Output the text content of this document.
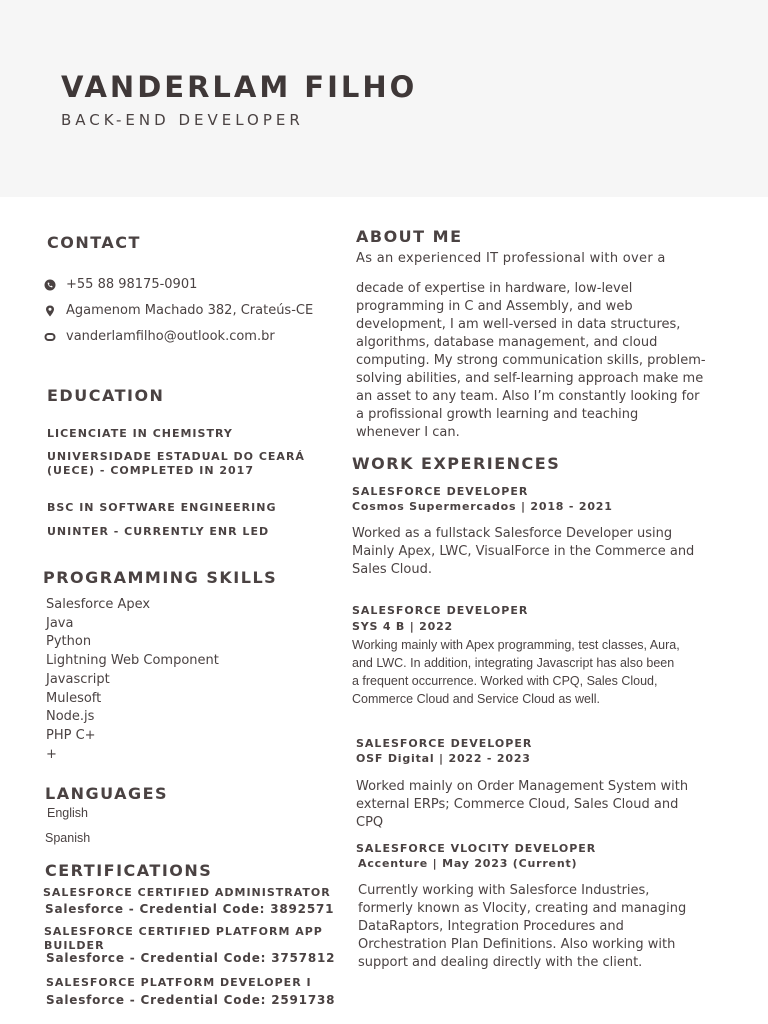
VANDERLAM FILHO

BACK-END DEVELOPER

CONTACT
+55 88 98175-0901
Agamenom Machado 382, Crateús-CE
vanderlamfilho@outlook.com.br
EDUCATION
LICENCIATE IN CHEMISTRY
UNIVERSIDADE ESTADUAL DO CEARÁ
(UECE) - COMPLETED IN 2017
BSC IN SOFTWARE ENGINEERING
UNINTER - CURRENTLY ENR LED
PROGRAMMING SKILLS
Salesforce Apex
Java
Python
Lightning Web Component
Javascript
Mulesoft
Node.js
PHP C+
+
LANGUAGES
English
Spanish
CERTIFICATIONS
SALESFORCE CERTIFIED ADMINISTRATOR
Salesforce - Credential Code: 3892571
SALESFORCE CERTIFIED PLATFORM APP
BUILDER
Salesforce - Credential Code: 3757812
SALESFORCE PLATFORM DEVELOPER I
Salesforce - Credential Code: 2591738
ABOUT ME
As an experienced IT professional with over a

decade of expertise in hardware, low-level programming in C and Assembly, and web development, I am well-versed in data structures, algorithms, database management, and cloud computing. My strong communication skills, problem-solving abilities, and self-learning approach make me an asset to any team. Also I’m constantly looking for a profissional growth learning and teaching whenever I can.

WORK EXPERIENCES
SALESFORCE DEVELOPER
Cosmos Supermercados | 2018 - 2021

Worked as a fullstack Salesforce Developer using Mainly Apex, LWC, VisualForce in the Commerce and Sales Cloud.

SALESFORCE DEVELOPER
SYS 4 B | 2022

Working mainly with Apex programming, test classes, Aura, and LWC. In addition, integrating Javascript has also been a frequent occurrence. Worked with CPQ, Sales Cloud, Commerce Cloud and Service Cloud as well.

SALESFORCE DEVELOPER
OSF Digital | 2022 - 2023

Worked mainly on Order Management System with external ERPs; Commerce Cloud, Sales Cloud and CPQ

SALESFORCE VLOCITY DEVELOPER
Accenture | May 2023 (Current)

Currently working with Salesforce Industries, formerly known as Vlocity, creating and managing DataRaptors, Integration Procedures and Orchestration Plan Definitions. Also working with support and dealing directly with the client.
